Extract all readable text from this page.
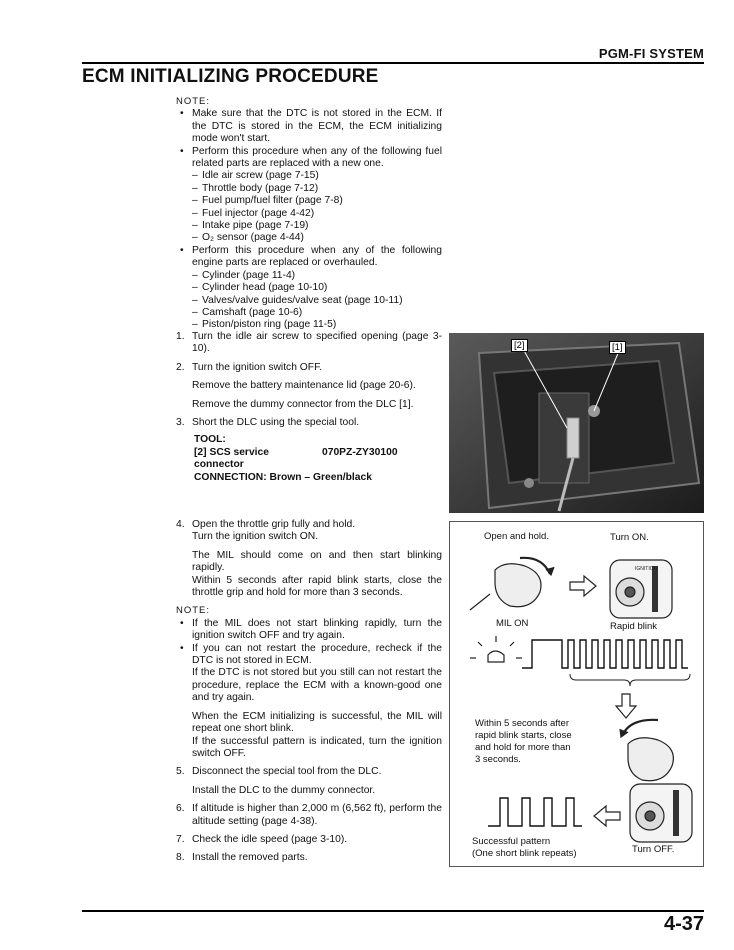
PGM-FI SYSTEM
ECM INITIALIZING PROCEDURE
NOTE:
• Make sure that the DTC is not stored in the ECM. If the DTC is stored in the ECM, the ECM initializing mode won't start.
• Perform this procedure when any of the following fuel related parts are replaced with a new one.
– Idle air screw (page 7-15)
– Throttle body (page 7-12)
– Fuel pump/fuel filter (page 7-8)
– Fuel injector (page 4-42)
– Intake pipe (page 7-19)
– O₂ sensor (page 4-44)
• Perform this procedure when any of the following engine parts are replaced or overhauled.
– Cylinder (page 11-4)
– Cylinder head (page 10-10)
– Valves/valve guides/valve seat (page 10-11)
– Camshaft (page 10-6)
– Piston/piston ring (page 11-5)
1. Turn the idle air screw to specified opening (page 3-10).
2. Turn the ignition switch OFF.
Remove the battery maintenance lid (page 20-6).
Remove the dummy connector from the DLC [1].
3. Short the DLC using the special tool.
TOOL:
[2] SCS service	070PZ-ZY30100
connector
CONNECTION: Brown – Green/black
[2]	[1]
4. Open the throttle grip fully and hold.
Turn the ignition switch ON.
The MIL should come on and then start blinking rapidly.
Within 5 seconds after rapid blink starts, close the throttle grip and hold for more than 3 seconds.
NOTE:
• If the MIL does not start blinking rapidly, turn the ignition switch OFF and try again.
• If you can not restart the procedure, recheck if the DTC is not stored in ECM.
If the DTC is not stored but you still can not restart the procedure, replace the ECM with a known-good one and try again.
When the ECM initializing is successful, the MIL will repeat one short blink.
If the successful pattern is indicated, turn the ignition switch OFF.
5. Disconnect the special tool from the DLC.
Install the DLC to the dummy connector.
6. If altitude is higher than 2,000 m (6,562 ft), perform the altitude setting (page 4-38).
7. Check the idle speed (page 3-10).
8. Install the removed parts.
Open and hold.	Turn ON.
IGNITION
MIL ON	Rapid blink
Within 5 seconds after
rapid blink starts, close
and hold for more than
3 seconds.
Successful pattern
(One short blink repeats)	Turn OFF.
4-37
